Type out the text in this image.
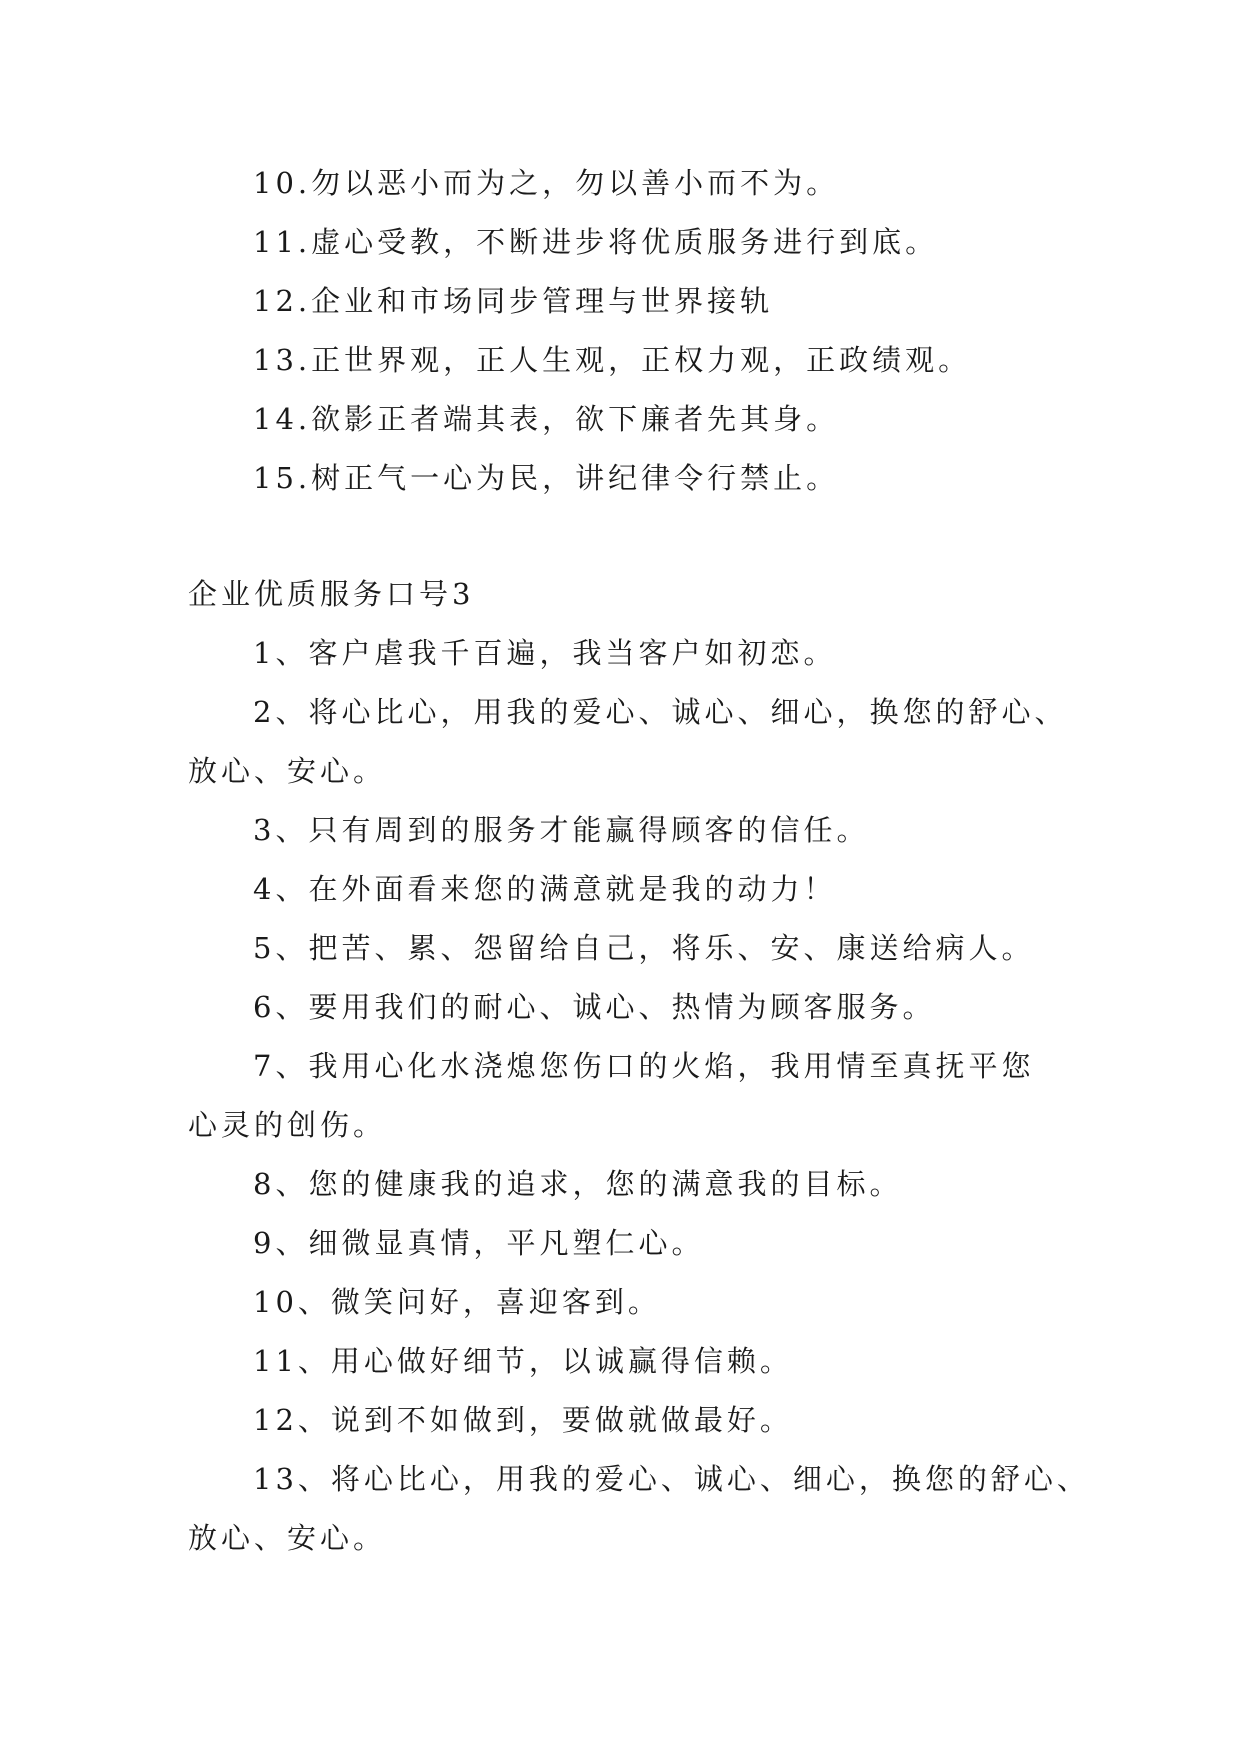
10.勿以恶小而为之，勿以善小而不为。

11.虚心受教，不断进步将优质服务进行到底。

12.企业和市场同步管理与世界接轨

13.正世界观，正人生观，正权力观，正政绩观。

14.欲影正者端其表，欲下廉者先其身。

15.树正气一心为民，讲纪律令行禁止。

企业优质服务口号3

1、客户虐我千百遍，我当客户如初恋。

2、将心比心，用我的爱心、诚心、细心，换您的舒心、

放心、安心。

3、只有周到的服务才能赢得顾客的信任。

4、在外面看来您的满意就是我的动力！

5、把苦、累、怨留给自己，将乐、安、康送给病人。

6、要用我们的耐心、诚心、热情为顾客服务。

7、我用心化水浇熄您伤口的火焰，我用情至真抚平您

心灵的创伤。

8、您的健康我的追求，您的满意我的目标。

9、细微显真情，平凡塑仁心。

10、微笑问好，喜迎客到。

11、用心做好细节，以诚赢得信赖。

12、说到不如做到，要做就做最好。

13、将心比心，用我的爱心、诚心、细心，换您的舒心、

放心、安心。
